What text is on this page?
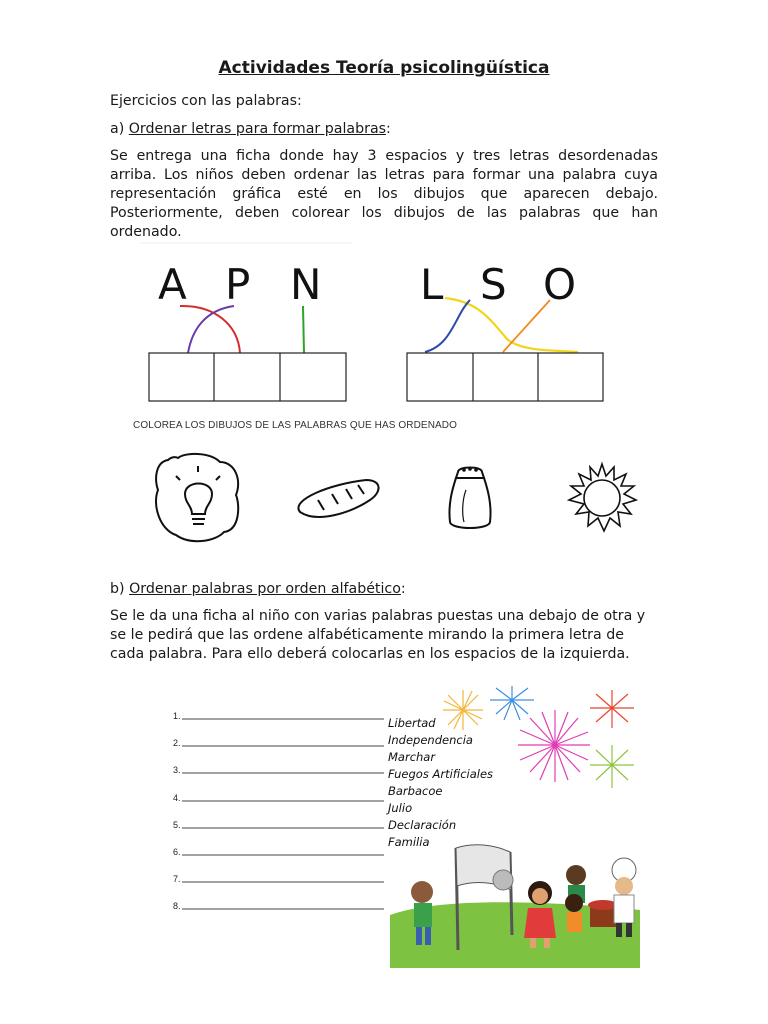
Actividades Teoría psicolingüística

Ejercicios con las palabras:

a) Ordenar letras para formar palabras:

Se entrega una ficha donde hay 3 espacios y tres letras desordenadas arriba. Los niños deben ordenar las letras para formar una palabra cuya representación gráfica esté en los dibujos que aparecen debajo. Posteriormente, deben colorear los dibujos de las palabras que han ordenado.

A P N L S O
COLOREA LOS DIBUJOS DE LAS PALABRAS QUE HAS ORDENADO

b) Ordenar palabras por orden alfabético:

Se le da una ficha al niño con varias palabras puestas una debajo de otra y se le pedirá que las ordene alfabéticamente mirando la primera letra de cada palabra. Para ello deberá colocarlas en los espacios de la izquierda.

1.
2.
3.
4.
5.
6.
7.
8.
Libertad
Independencia
Marchar
Fuegos Artificiales
Barbacoe
Julio
Declaración
Familia
